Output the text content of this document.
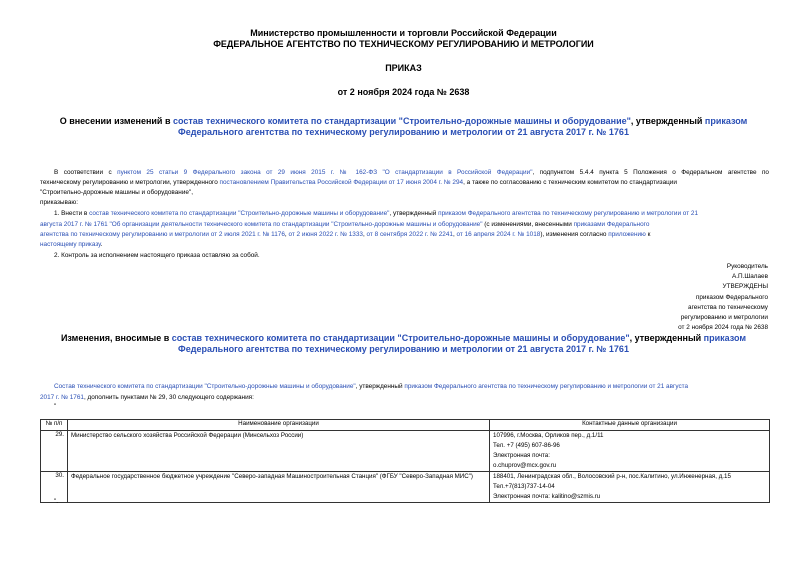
Министерство промышленности и торговли Российской Федерации
ФЕДЕРАЛЬНОЕ АГЕНТСТВО ПО ТЕХНИЧЕСКОМУ РЕГУЛИРОВАНИЮ И МЕТРОЛОГИИ
ПРИКАЗ
от 2 ноября 2024 года № 2638
О внесении изменений в состав технического комитета по стандартизации "Строительно-дорожные машины и оборудование", утвержденный приказом
Федерального агентства по техническому регулированию и метрологии от 21 августа 2017 г. № 1761
В соответствии с пунктом 25 статьи 9 Федерального закона от 29 июня 2015 г. № 162-ФЗ "О стандартизации в Российской Федерации", подпунктом 5.4.4 пункта 5 Положения о Федеральном агентстве по
техническому регулированию и метрологии, утвержденного постановлением Правительства Российской Федерации от 17 июня 2004 г. № 294, а также по согласованию с техническим комитетом по стандартизации
"Строительно-дорожные машины и оборудование",
приказываю:
1. Внести в состав технического комитета по стандартизации "Строительно-дорожные машины и оборудование", утвержденный приказом Федерального агентства по техническому регулированию и метрологии от 21
августа 2017 г. № 1761 "Об организации деятельности технического комитета по стандартизации "Строительно-дорожные машины и оборудование" (с изменениями, внесенными приказами Федерального
агентства по техническому регулированию и метрологии от 2 июля 2021 г. № 1176, от 2 июня 2022 г. № 1333, от 8 сентября 2022 г. № 2241, от 16 апреля 2024 г. № 1018), изменения согласно приложению к
настоящему приказу.
2. Контроль за исполнением настоящего приказа оставляю за собой.
Руководитель
А.П.Шалаев
УТВЕРЖДЕНЫ
приказом Федерального
агентства по техническому
регулированию и метрологии
от 2 ноября 2024 года № 2638
Изменения, вносимые в состав технического комитета по стандартизации "Строительно-дорожные машины и оборудование", утвержденный приказом
Федерального агентства по техническому регулированию и метрологии от 21 августа 2017 г. № 1761
Состав технического комитета по стандартизации "Строительно-дорожные машины и оборудование", утвержденный приказом Федерального агентства по техническому регулированию и метрологии от 21 августа
2017 г. № 1761, дополнить пунктами № 29, 30 следующего содержания:
"
№ п/п	Наименование организации	Контактные данные организации
29.	Министерство сельского хозяйства Российской Федерации (Минсельхоз России)	107996, г.Москва, Орликов пер., д.1/11
Тел. +7 (495) 607-86-96
Электронная почта:
o.chuprov@mcx.gov.ru

30.	Федеральное государственное бюджетное учреждение "Северо-западная Машиностроительная Станция" (ФГБУ "Северо-Западная МИС")	188401, Ленинградская обл., Волосовский р-н, пос.Калитино, ул.Инженерная, д.15
Тел.+7(813)737-14-04
Электронная почта: kalitino@szmis.ru
".
